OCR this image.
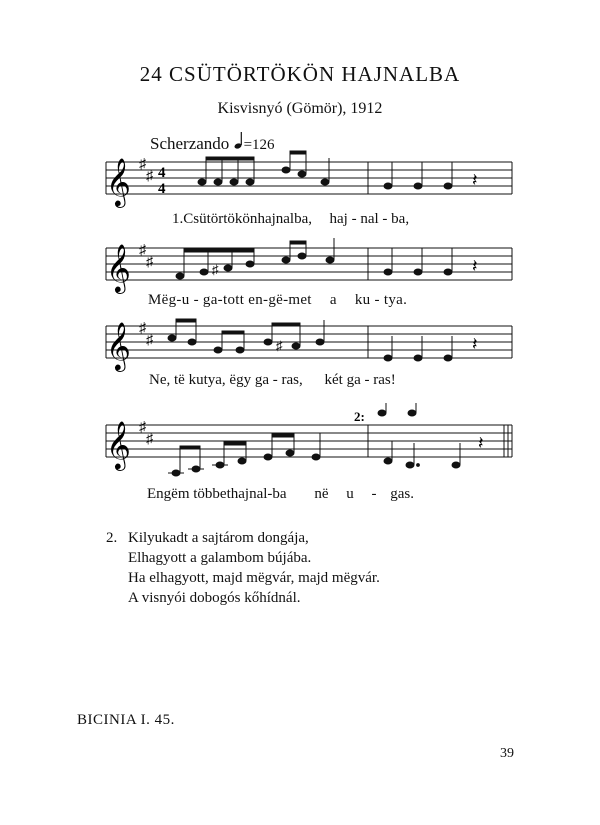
24 CSÜTÖRTÖKÖN HAJNALBA
Kisvisnyó (Gömör), 1912
Scherzando =126
𝄞 ♯
♯ 4
4	𝄽
1.Csütörtökönhajnalba, haj - nal - ba,
𝄞 ♯
♯	♯	𝄽
Mëg-u - ga-tott en-gë-met a ku - tya.
𝄞 ♯
♯	♯	𝄽
Ne, të kutya, ëgy ga - ras, két ga - ras!
𝄞 ♯
♯
2:
𝄽
Engëm többethajnal-ba në u - gas.
2. Kilyukadt a sajtárom dongája,
Elhagyott a galambom bújába.
Ha elhagyott, majd mëgvár, majd mëgvár.
A visnyói dobogós kőhídnál.
BICINIA I. 45.
39
